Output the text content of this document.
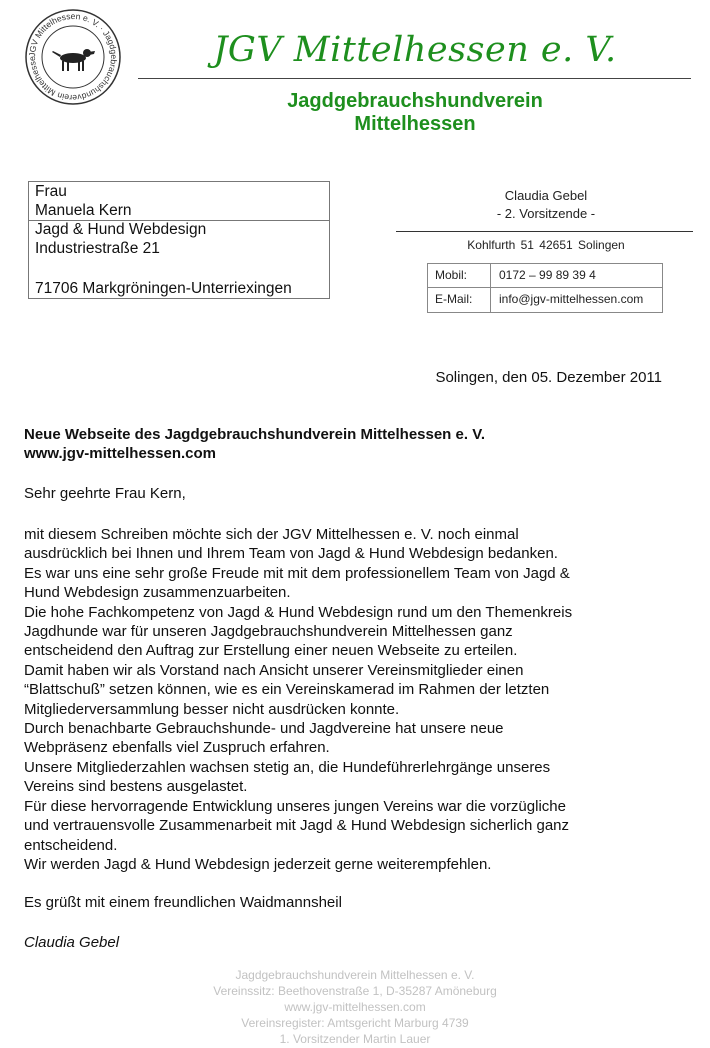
JGV Mittelhessen e. V. · Jagdgebrauchshundverein Mittelhesse	JGV Mittelhessen e. V.
Jagdgebrauchshundverein
Mittelhessen
Frau
Manuela Kern
Jagd & Hund Webdesign
Industriestraße 21
71706 Markgröningen-Unterriexingen
Claudia Gebel
- 2. Vorsitzende -
Kohlfurth 51 42651 Solingen
Mobil:	0172 – 99 89 39 4
E-Mail: info@jgv-mittelhessen.com
Solingen, den 05. Dezember 2011
Neue Webseite des Jagdgebrauchshundverein Mittelhessen e. V.
www.jgv-mittelhessen.com
Sehr geehrte Frau Kern,
mit diesem Schreiben möchte sich der JGV Mittelhessen e. V. noch einmal
ausdrücklich bei Ihnen und Ihrem Team von Jagd & Hund Webdesign bedanken.
Es war uns eine sehr große Freude mit mit dem professionellem Team von Jagd &
Hund Webdesign zusammenzuarbeiten.
Die hohe Fachkompetenz von Jagd & Hund Webdesign rund um den Themenkreis
Jagdhunde war für unseren Jagdgebrauchshundverein Mittelhessen ganz
entscheidend den Auftrag zur Erstellung einer neuen Webseite zu erteilen.
Damit haben wir als Vorstand nach Ansicht unserer Vereinsmitglieder einen
“Blattschuß” setzen können, wie es ein Vereinskamerad im Rahmen der letzten
Mitgliederversammlung besser nicht ausdrücken konnte.
Durch benachbarte Gebrauchshunde- und Jagdvereine hat unsere neue
Webpräsenz ebenfalls viel Zuspruch erfahren.
Unsere Mitgliederzahlen wachsen stetig an, die Hundeführerlehrgänge unseres
Vereins sind bestens ausgelastet.
Für diese hervorragende Entwicklung unseres jungen Vereins war die vorzügliche
und vertrauensvolle Zusammenarbeit mit Jagd & Hund Webdesign sicherlich ganz
entscheidend.
Wir werden Jagd & Hund Webdesign jederzeit gerne weiterempfehlen.
Es grüßt mit einem freundlichen Waidmannsheil
Claudia Gebel
Jagdgebrauchshundverein Mittelhessen e. V.
Vereinssitz: Beethovenstraße 1, D-35287 Amöneburg
www.jgv-mittelhessen.com
Vereinsregister: Amtsgericht Marburg 4739
1. Vorsitzender Martin Lauer
